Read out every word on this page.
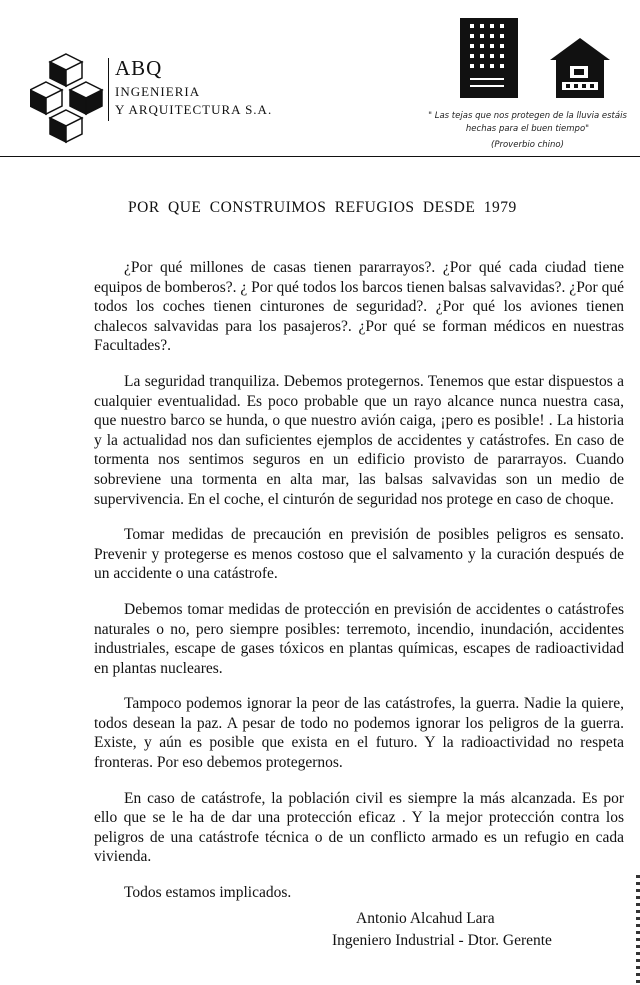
ABQ
INGENIERIA
Y ARQUITECTURA S.A.	" Las tejas que nos protegen de la lluvia estáis hechas para el buen tiempo"
(Proverbio chino)
POR QUE CONSTRUIMOS REFUGIOS DESDE 1979

¿Por qué millones de casas tienen pararrayos?. ¿Por qué cada ciudad tiene equipos de bomberos?. ¿ Por qué todos los barcos tienen balsas salvavidas?. ¿Por qué todos los coches tienen cinturones de seguridad?. ¿Por qué los aviones tienen chalecos salvavidas para los pasajeros?. ¿Por qué se forman médicos en nuestras Facultades?.

La seguridad tranquiliza. Debemos protegernos. Tenemos que estar dispuestos a cualquier eventualidad. Es poco probable que un rayo alcance nunca nuestra casa, que nuestro barco se hunda, o que nuestro avión caiga, ¡pero es posible! . La historia y la actualidad nos dan suficientes ejemplos de accidentes y catástrofes. En caso de tormenta nos sentimos seguros en un edificio provisto de pararrayos. Cuando sobreviene una tormenta en alta mar, las balsas salvavidas son un medio de supervivencia. En el coche, el cinturón de seguridad nos protege en caso de choque.

Tomar medidas de precaución en previsión de posibles peligros es sensato. Prevenir y protegerse es menos costoso que el salvamento y la curación después de un accidente o una catástrofe.

Debemos tomar medidas de protección en previsión de accidentes o catástrofes naturales o no, pero siempre posibles: terremoto, incendio, inundación, accidentes industriales, escape de gases tóxicos en plantas químicas, escapes de radioactividad en plantas nucleares.

Tampoco podemos ignorar la peor de las catástrofes, la guerra. Nadie la quiere, todos desean la paz. A pesar de todo no podemos ignorar los peligros de la guerra. Existe, y aún es posible que exista en el futuro. Y la radioactividad no respeta fronteras. Por eso debemos protegernos.

En caso de catástrofe, la población civil es siempre la más alcanzada. Es por ello que se le ha de dar una protección eficaz . Y la mejor protección contra los peligros de una catástrofe técnica o de un conflicto armado es un refugio en cada vivienda.

Todos estamos implicados.

Antonio Alcahud Lara
Ingeniero Industrial - Dtor. Gerente
